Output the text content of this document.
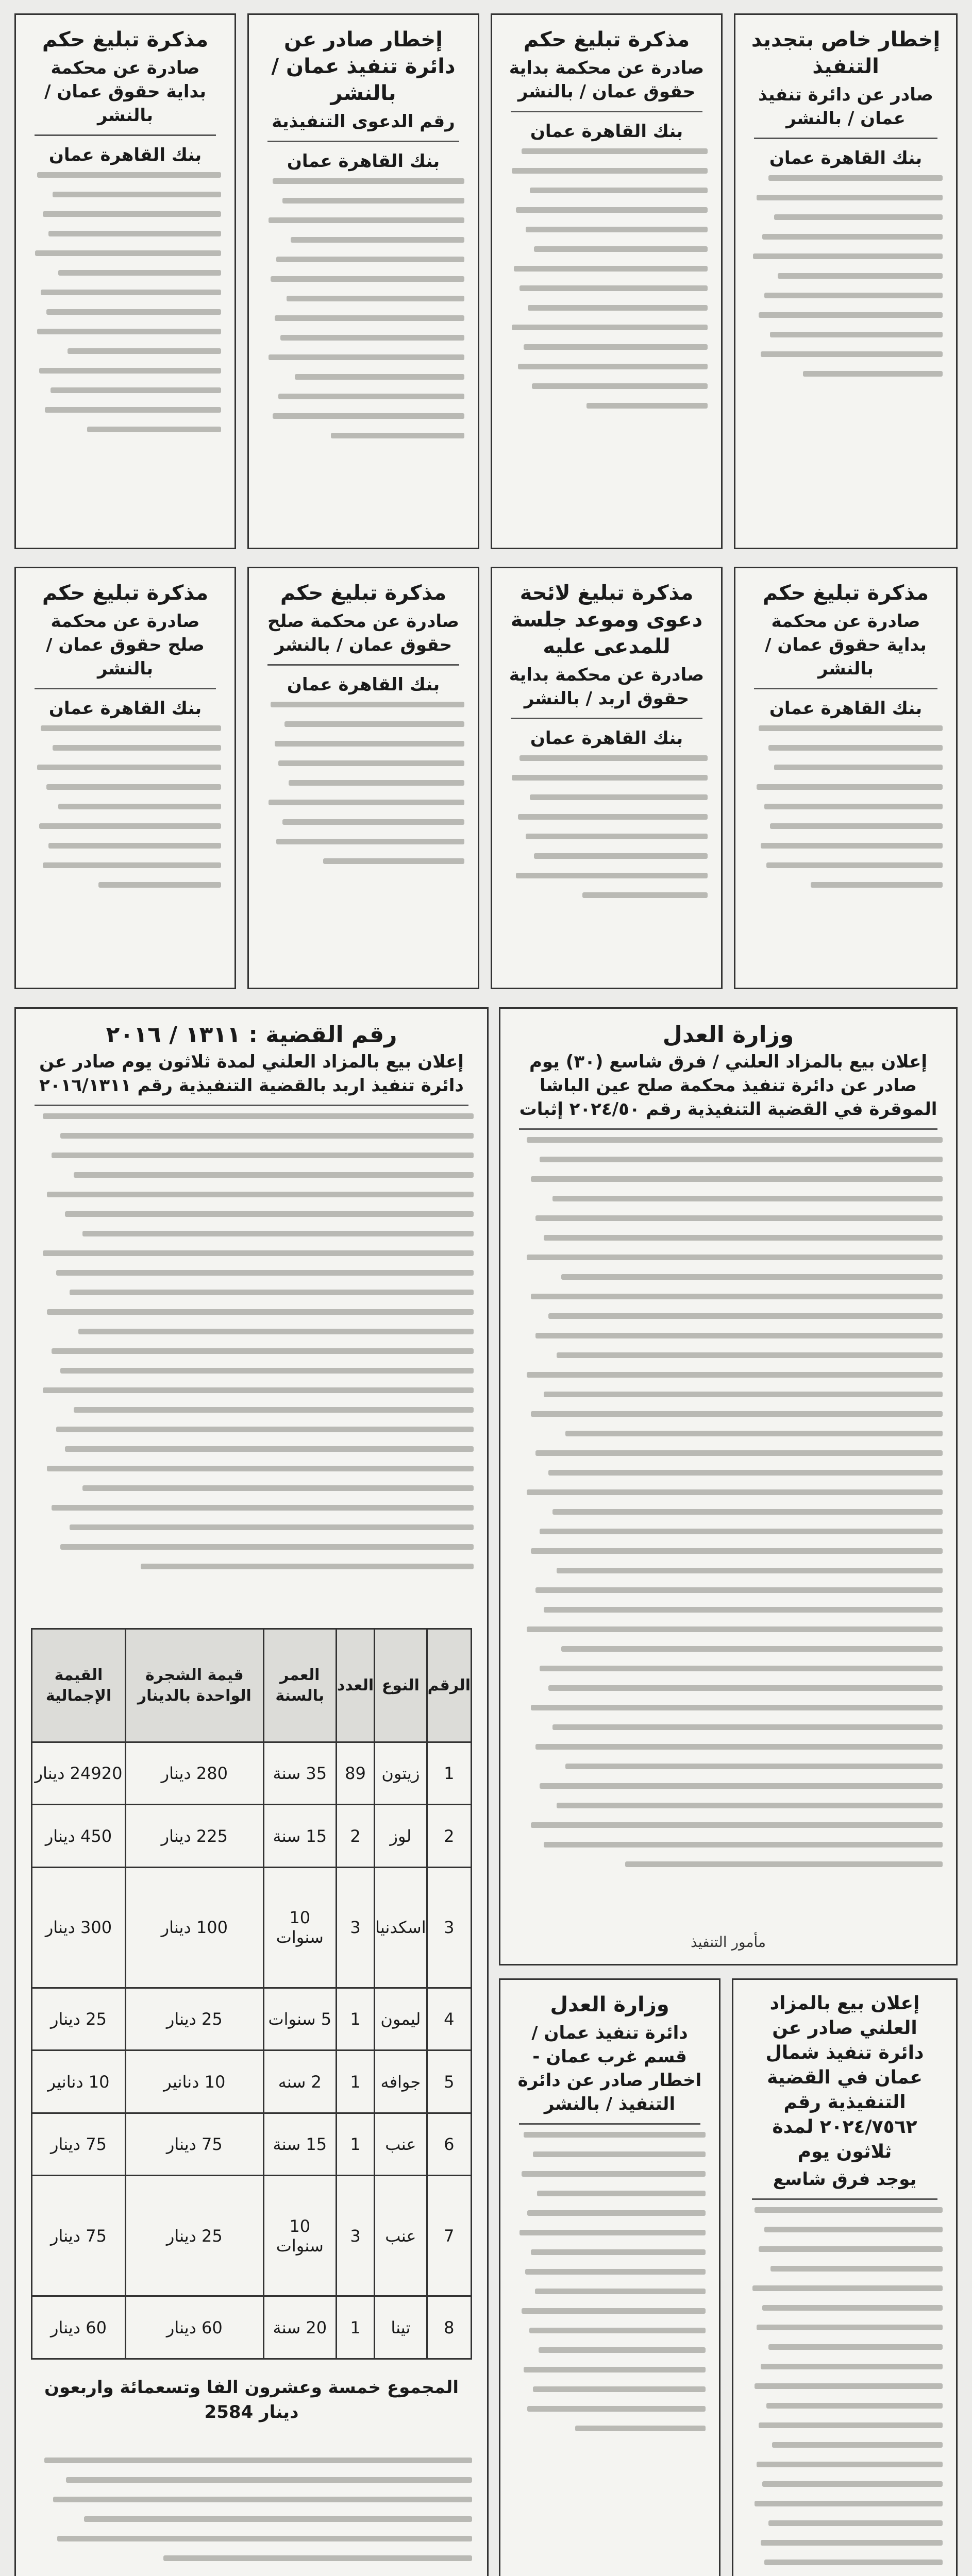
مذكرة تبليغ حكم
صادرة عن محكمة بداية حقوق عمان / بالنشر
بنك القاهرة عمان
إخطار صادر عن دائرة تنفيذ عمان / بالنشر
رقم الدعوى التنفيذية
بنك القاهرة عمان
مذكرة تبليغ حكم
صادرة عن محكمة بداية حقوق عمان / بالنشر
بنك القاهرة عمان
إخطار خاص بتجديد التنفيذ
صادر عن دائرة تنفيذ عمان / بالنشر
بنك القاهرة عمان
مذكرة تبليغ حكم
صادرة عن محكمة صلح حقوق عمان / بالنشر
بنك القاهرة عمان
مذكرة تبليغ حكم
صادرة عن محكمة صلح حقوق عمان / بالنشر
بنك القاهرة عمان
مذكرة تبليغ لائحة دعوى وموعد جلسة للمدعى عليه
صادرة عن محكمة بداية حقوق اربد / بالنشر
بنك القاهرة عمان
مذكرة تبليغ حكم
صادرة عن محكمة بداية حقوق عمان / بالنشر
بنك القاهرة عمان
رقم القضية : ١٣١١ / ٢٠١٦
إعلان بيع بالمزاد العلني لمدة ثلاثون يوم صادر عن دائرة تنفيذ اربد بالقضية التنفيذية رقم ٢٠١٦/١٣١١
الرقم	النوع	العدد	العمر بالسنة	قيمة الشجرة الواحدة بالدينار	القيمة الإجمالية
1	زيتون	89	35 سنة	280 دينار	24920 دينار
2	لوز	2	15 سنة	225 دينار	450 دينار
3	اسكدنيا	3	10 سنوات	100 دينار	300 دينار
4	ليمون	1	5 سنوات	25 دينار	25 دينار
5	جوافه	1	2 سنه	10 دنانير	10 دنانير
6	عنب	1	15 سنة	75 دينار	75 دينار
7	عنب	3	10 سنوات	25 دينار	75 دينار
8	تينا	1	20 سنة	60 دينار	60 دينار
المجموع خمسة وعشرون الفا وتسعمائة واربعون دينار 2584

وزارة العدل
إعلان بيع بالمزاد العلني / فرق شاسع (٣٠) يوم صادر عن دائرة تنفيذ محكمة صلح عين الباشا الموقرة في القضية التنفيذية رقم ٢٠٢٤/٥٠ إثبات
مأمور التنفيذ
وزارة العدل
دائرة تنفيذ عمان / قسم غرب عمان - اخطار صادر عن دائرة التنفيذ / بالنشر
إعلان بيع بالمزاد العلني صادر عن دائرة تنفيذ شمال عمان في القضية التنفيذية رقم ٢٠٢٤/٧٥٦٢ لمدة ثلاثون يوم
يوجد فرق شاسع
